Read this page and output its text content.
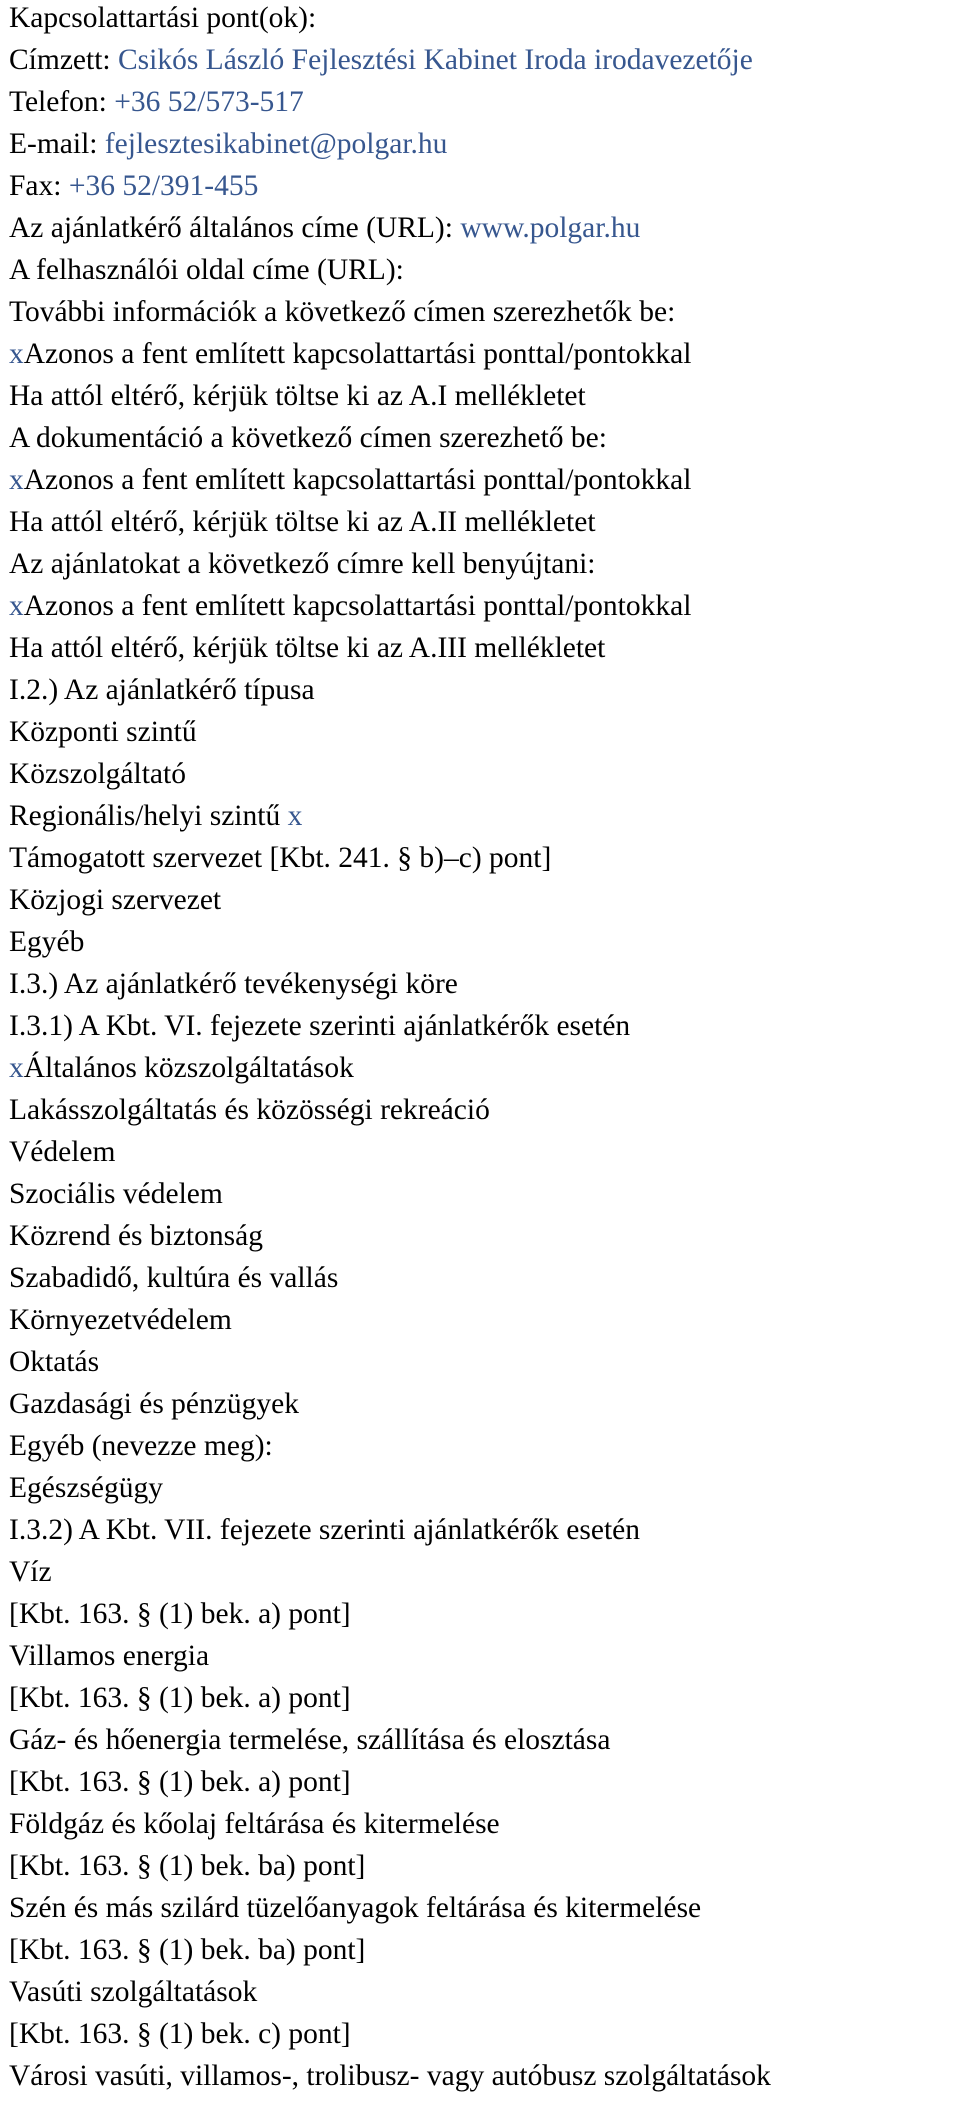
Kapcsolattartási pont(ok):
Címzett: Csikós László Fejlesztési Kabinet Iroda irodavezetője
Telefon: +36 52/573-517
E-mail: fejlesztesikabinet@polgar.hu
Fax: +36 52/391-455
Az ajánlatkérő általános címe (URL): www.polgar.hu
A felhasználói oldal címe (URL):
További információk a következő címen szerezhetők be:
xAzonos a fent említett kapcsolattartási ponttal/pontokkal
Ha attól eltérő, kérjük töltse ki az A.I mellékletet
A dokumentáció a következő címen szerezhető be:
xAzonos a fent említett kapcsolattartási ponttal/pontokkal
Ha attól eltérő, kérjük töltse ki az A.II mellékletet
Az ajánlatokat a következő címre kell benyújtani:
xAzonos a fent említett kapcsolattartási ponttal/pontokkal
Ha attól eltérő, kérjük töltse ki az A.III mellékletet
I.2.) Az ajánlatkérő típusa
Központi szintű
Közszolgáltató
Regionális/helyi szintű x
Támogatott szervezet [Kbt. 241. § b)–c) pont]
Közjogi szervezet
Egyéb
I.3.) Az ajánlatkérő tevékenységi köre
I.3.1) A Kbt. VI. fejezete szerinti ajánlatkérők esetén
xÁltalános közszolgáltatások
Lakásszolgáltatás és közösségi rekreáció
Védelem
Szociális védelem
Közrend és biztonság
Szabadidő, kultúra és vallás
Környezetvédelem
Oktatás
Gazdasági és pénzügyek
Egyéb (nevezze meg):
Egészségügy
I.3.2) A Kbt. VII. fejezete szerinti ajánlatkérők esetén
Víz
[Kbt. 163. § (1) bek. a) pont]
Villamos energia
[Kbt. 163. § (1) bek. a) pont]
Gáz- és hőenergia termelése, szállítása és elosztása
[Kbt. 163. § (1) bek. a) pont]
Földgáz és kőolaj feltárása és kitermelése
[Kbt. 163. § (1) bek. ba) pont]
Szén és más szilárd tüzelőanyagok feltárása és kitermelése
[Kbt. 163. § (1) bek. ba) pont]
Vasúti szolgáltatások
[Kbt. 163. § (1) bek. c) pont]
Városi vasúti, villamos-, trolibusz- vagy autóbusz szolgáltatások
